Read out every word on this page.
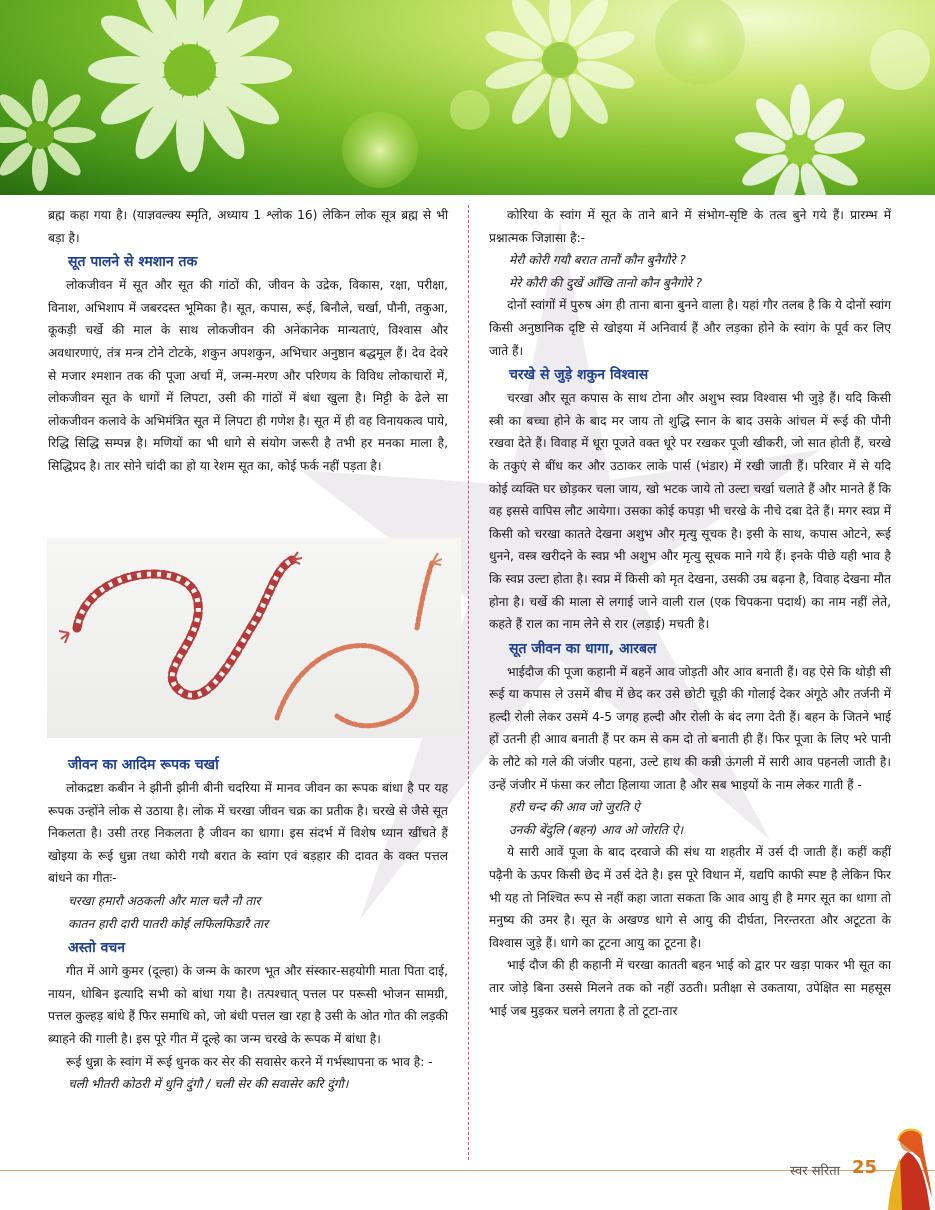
ब्रह्म कहा गया है। (याज्ञवल्क्य स्मृति, अध्याय 1 श्लोक 16) लेकिन लोक सूत्र ब्रह्म से भी बड़ा है।

सूत पालने से श्मशान तक

लोकजीवन में सूत और सूत की गांठों की, जीवन के उद्रेक, विकास, रक्षा, परीक्षा, विनाश, अभिशाप में जबरदस्त भूमिका है। सूत, कपास, रूई, बिनौले, चर्खा, पौनी, तकुआ, कूकड़ी चर्खे की माल के साथ लोकजीवन की अनेकानेक मान्यताएं, विश्वास और अवधारणाएं, तंत्र मन्त्र टोने टोटके, शकुन अपशकुन, अभिचार अनुष्ठान बद्धमूल हैं। देव देवरे से मजार श्मशान तक की पूजा अर्चा में, जन्म-मरण और परिणय के विविध लोकाचारों में, लोकजीवन सूत के धागों में लिपटा, उसी की गांठों में बंधा खुला है। मिट्टी के ढेले सा लोकजीवन कलावे के अभिमंत्रित सूत में लिपटा ही गणेश है। सूत में ही वह विनायकत्व पाये, रिद्धि सिद्धि सम्पन्न है। मणियों का भी धागे से संयोग जरूरी है तभी हर मनका माला है, सिद्धिप्रद है। तार सोने चांदी का हो या रेशम सूत का, कोई फर्क नहीं पड़ता है।

जीवन का आदिम रूपक चर्खा

लोकद्रष्टा कबीन ने झीनी झीनी बीनी चदरिया में मानव जीवन का रूपक बांधा है पर यह रूपक उन्होंने लोक से उठाया है। लोक में चरखा जीवन चक्र का प्रतीक है। चरखे से जैसे सूत निकलता है। उसी तरह निकलता है जीवन का धागा। इस संदर्भ में विशेष ध्यान खींचते हैं खोइया के रूई धुन्ना तथा कोरी गयौ बरात के स्वांग एवं बड़हार की दावत के वक्त पत्तल बांधने का गीतः-

चरखा हमारौ अठकली और माल चलै नौ तार

कातन हारी दारी पातरी कोई लफिलफिडारै तार

अस्तो वचन

गीत में आगे कुमर (दूल्हा) के जन्म के कारण भूत और संस्कार-सहयोगी माता पिता दाई, नायन, धोबिन इत्यादि सभी को बांधा गया है। तत्पश्चात् पत्तल पर परूसी भोजन सामग्री, पत्तल कुल्हड़ बांधे हैं फिर समाधि को, जो बंधी पत्तल खा रहा है उसी के ओत गोत की लड़की ब्याहने की गाली है। इस पूरे गीत में दूल्हे का जन्म चरखे के रूपक में बांधा है।

रूई धुन्ना के स्वांग में रूई धुनक कर सेर की सवासेर करने में गर्भस्थापना क भाव है: -

चली भीतरी कोठरी में धुनि दुंगौ / चली सेर की सवासेर करि दुंगौ।

कोरिया के स्वांग में सूत के ताने बाने में संभोग-सृष्टि के तत्व बुने गये हैं। प्रारम्भ में प्रश्नात्मक जिज्ञासा है:-

मेरौ कोरी गयौ बरात तानौं कौन बुनैगौरे ?

मेरे कौरी की दुखें आँखि तानो कौन बुनैगोरे ?

दोनों स्वांगों में पुरुष अंग ही ताना बाना बुनने वाला है। यहां गौर तलब है कि ये दोनों स्वांग किसी अनुष्ठानिक दृष्टि से खोइया में अनिवार्य हैं और लड़का होने के स्वांग के पूर्व कर लिए जाते हैं।

चरखे से जुड़े शकुन विश्वास

चरखा और सूत कपास के साथ टोना और अशुभ स्वप्न विश्वास भी जुड़े हैं। यदि किसी स्त्री का बच्चा होने के बाद मर जाय तो शुद्धि स्नान के बाद उसके आंचल में रूई की पौनी रखवा देते हैं। विवाह में धूरा पूजते वक्त धूरे पर रखकर पूजी खीकरी, जो सात होती हैं, चरखे के तकुएं से बींध कर और उठाकर लाके पार्स (भंडार) में रखी जाती हैं। परिवार में से यदि कोई व्यक्ति घर छोड़कर चला जाय, खो भटक जाये तो उल्टा चर्खा चलाते हैं और मानते हैं कि वह इससे वापिस लौट आयेगा। उसका कोई कपड़ा भी चरखे के नीचे दबा देते हैं। मगर स्वप्न में किसी को चरखा कातते देखना अशुभ और मृत्यु सूचक है। इसी के साथ, कपास ओटने, रूई धुनने, वस्त्र खरीदने के स्वप्न भी अशुभ और मृत्यु सूचक माने गये हैं। इनके पीछे यही भाव है कि स्वप्न उल्टा होता है। स्वप्न में किसी को मृत देखना, उसकी उम्र बढ़ना है, विवाह देखना मौत होना है। चर्खे की माला से लगाई जाने वाली राल (एक चिपकना पदार्थ) का नाम नहीं लेते, कहते हैं राल का नाम लेने से रार (लड़ाई) मचती है।

सूत जीवन का धागा, आरबल

भाईदौज की पूजा कहानी में बहनें आव जोड़ती और आव बनाती हैं। वह ऐसे कि थोड़ी सी रूई या कपास ले उसमें बीच में छेद कर उसे छोटी चूड़ी की गोलाई देकर अंगूठे और तर्जनी में हल्दी रोली लेकर उसमें 4-5 जगह हल्दी और रोली के बंद लगा देती हैं। बहन के जितने भाई हों उतनी ही आाव बनाती हैं पर कम से कम दो तो बनाती ही हैं। फिर पूजा के लिए भरे पानी के लौटे को गले की जंजीर पहना, उल्टे हाथ की कन्नी ऊंगली में सारी आव पहनली जाती है। उन्हें जंजीर में फंसा कर लौटा हिलाया जाता है और सब भाइयों के नाम लेकर गाती हैं -

हरी चन्द की आव जो जुरति ऐ

उनकी बेंदुलि (बहन) आव ओ जोरति ऐ।

ये सारी आवें पूजा के बाद दरवाजे की संध या शहतीर में उर्स दी जाती हैं। कहीं कहीं पढ़ैनी के ऊपर किसी छेद में उर्स देते है। इस पूरे विधान में, यद्यपि काफी स्पष्ट है लेकिन फिर भी यह तो निश्चित रूप से नहीं कहा जाता सकता कि आव आयु ही है मगर सूत का धागा तो मनुष्य की उमर है। सूत के अखण्ड धागे से आयु की दीर्घता, निरन्तरता और अटूटता के विश्वास जुड़े हैं। धागे का टूटना आयु का टूटना है।

भाई दौज की ही कहानी में चरखा कातती बहन भाई को द्वार पर खड़ा पाकर भी सूत का तार जोड़े बिना उससे मिलने तक को नहीं उठती। प्रतीक्षा से उकताया, उपेक्षित सा महसूस भाई जब मुड़कर चलने लगता है तो टूटा-तार

स्वर सरिता 25
